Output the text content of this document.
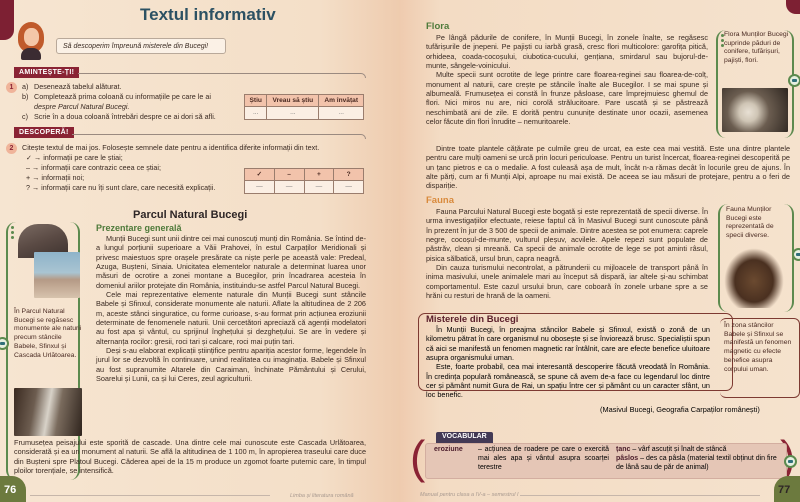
Textul informativ
Să descoperim împreună misterele din Bucegi!
AMINTEȘTE-ȚI!
1	a) Desenează tabelul alăturat.
b) Completează prima coloană cu informațiile pe care le ai
despre Parcul Natural Bucegi.
c) Scrie în a doua coloană întrebări despre ce ai dori să afli.
Știu	Vreau să știu	Am învățat
...	...	...
DESCOPERĂ!
2	Citește textul de mai jos. Folosește semnele date pentru a identifica diferite informații din text.
✓ → informații pe care le știai;
– → informații care contrazic ceea ce știai;
+ → informații noi;
? → informații care nu îți sunt clare, care necesită explicații.
✓	–	+	?
—	—	—	—
Parcul Natural Bucegi
În Parcul Natural Bucegi se regăsesc monumente ale naturii precum stâncile Babele, Sfinxul și Cascada Urlătoarea.
Prezentare generală

Munții Bucegi sunt unii dintre cei mai cunoscuți munți din România. Se întind de-a lungul porțiunii superioare a Văii Prahovei, în estul Carpaților Meridionali și privesc maiestuos spre orașele presărate ca niște perle pe această vale: Predeal, Azuga, Bușteni, Sinaia. Unicitatea elementelor naturale a determinat luarea unor măsuri de ocrotire a zonei montane a Bucegilor, prin încadrarea acesteia în domeniul ariilor protejate din România, instituindu-se astfel Parcul Natural Bucegi.

Cele mai reprezentative elemente naturale din Munții Bucegi sunt stâncile Babele și Sfinxul, considerate monumente ale naturii. Aflate la altitudinea de 2 206 m, aceste stânci singuratice, cu forme curioase, s-au format prin acțiunea eroziunii determinate de fenomenele naturii. Unii cercetători apreciază că agenții modelatori au fost apa și vântul, cu sprijinul înghețului și dezghețului. Se are în vedere și alternanța rocilor: gresii, roci tari și calcare, roci mai puțin tari.

Deși s-au elaborat explicații științifice pentru apariția acestor forme, legendele în jurul lor se dezvoltă în continuare, unind realitatea cu imaginația. Babele și Sfinxul au fost supranumite Altarele din Caraiman, închinate Pământului și Cerului, Soarelui și Lunii, ca și lui Ceres, zeul agriculturii.

Frumusețea peisajului este sporită de cascade. Una dintre cele mai cunoscute este Cascada Urlătoarea, considerată și ea un monument al naturii. Se află la altitudinea de 1 100 m, în apropierea traseului care duce din Bușteni spre Platoul Bucegi. Căderea apei de la 15 m produce un zgomot foarte puternic care, în timpul ploilor torențiale, se intensifică.

76	Limba și literatura română
Flora

Pe lângă pădurile de conifere, în Munții Bucegi, în zonele înalte, se regăsesc tufărișurile de jnepeni. Pe pajiști cu iarbă grasă, cresc flori multicolore: garofița pitică, orhideea, coada-cocoșului, ciubotica-cucului, gențiana, smirdarul sau bujorul-de-munte, sângele-voinicului.

Multe specii sunt ocrotite de lege printre care floarea-reginei sau floarea-de-colț, monument al naturii, care crește pe stâncile înalte ale Bucegilor. I se mai spune și albumeală. Frumusețea ei constă în frunze pâsloase, care împrejmuiesc ghemul de flori. Nici miros nu are, nici corolă strălucitoare. Pare uscată și se păstrează neschimbată ani de zile. E dorită pentru cununițe destinate unor ocazii, asemenea celor făcute din flori înrudite – nemuritoarele.

Dintre toate plantele cățărate pe culmile greu de urcat, ea este cea mai vestită. Este una dintre plantele pentru care mulți oameni se urcă prin locuri periculoase. Pentru un turist încercat, floarea-reginei descoperită pe un țanc pietros e ca o medalie. A fost culeasă așa de mult, încât n-a rămas decât în locurile greu de ajuns. În alte părți, cum ar fi Munții Alpi, aproape nu mai există. De aceea se iau măsuri de protejare, pentru a o feri de dispariție.

Flora Munților Bucegi cuprinde păduri de conifere, tufărișuri, pajiști, flori.
Fauna

Fauna Parcului Natural Bucegi este bogată și este reprezentată de specii diverse. În urma investigațiilor efectuate, reiese faptul că în Masivul Bucegi sunt cunoscute până în prezent în jur de 3 500 de specii de animale. Dintre acestea se pot enumera: caprele negre, cocoșul-de-munte, vulturul pleșuv, acvilele. Apele repezi sunt populate de păstrăv, clean și mreană. Ca specii de animale ocrotite de lege se pot aminti râsul, pisica sălbatică, ursul brun, capra neagră.

Din cauza turismului necontrolat, a pătrunderii cu mijloacele de transport până în inima masivului, unele animalele mari au început să dispară, iar altele și-au schimbat comportamentul. Este cazul ursului brun, care coboară în zonele urbane spre a se hrăni cu resturi de hrană de la oameni.

Fauna Munților Bucegi este reprezentată de specii diverse.
Misterele din Bucegi

În Munții Bucegi, în preajma stâncilor Babele și Sfinxul, există o zonă de un kilometru pătrat în care organismul nu obosește și se înviorează brusc. Specialiștii spun că aici se manifestă un fenomen magnetic rar întâlnit, care are efecte benefice uluitoare asupra organismului uman.

Este, foarte probabil, cea mai interesantă descoperire făcută vreodată în România. În credința populară românească, se spune că avem de-a face cu legendarul loc dintre cer și pământ numit Gura de Rai, un spațiu între cer și pământ cu un caracter sfânt, un loc benefic.

În zona stâncilor Babele și Sfinxul se manifestă un fenomen magnetic cu efecte benefice asupra corpului uman.
(Masivul Bucegi, Geografia Carpaților românești)
(	VOCABULAR
eroziune	– acțiunea de roadere pe care o exercită mai ales apa și vântul asupra scoarței terestre
țanc – vârf ascuțit și înalt de stâncă
pâslos – des ca pâsla (material textil obținut din fire de lână sau de păr de animal)
Manual pentru clasa a IV-a – semestrul I	77
